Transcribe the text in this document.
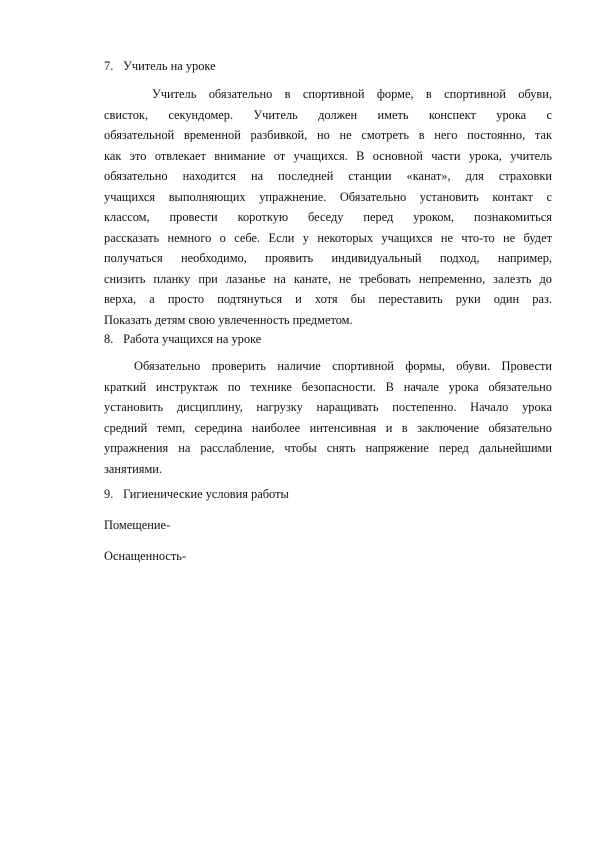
7. Учитель на уроке
Учитель обязательно в спортивной форме, в спортивной обуви,
свисток, секундомер. Учитель должен иметь конспект урока с
обязательной временной разбивкой, но не смотреть в него постоянно, так
как это отвлекает внимание от учащихся. В основной части урока, учитель
обязательно находится на последней станции «канат», для страховки
учащихся выполняющих упражнение. Обязательно установить контакт с
классом, провести короткую беседу перед уроком, познакомиться
рассказать немного о себе. Если у некоторых учащихся не что-то не будет
получаться необходимо, проявить индивидуальный подход, например,
снизить планку при лазанье на канате, не требовать непременно, залезть до
верха, а просто подтянуться и хотя бы переставить руки один раз.
Показать детям свою увлеченность предметом.
8. Работа учащихся на уроке
Обязательно проверить наличие спортивной формы, обуви. Провести
краткий инструктаж по технике безопасности. В начале урока обязательно
установить дисциплину, нагрузку наращивать постепенно. Начало урока
средний темп, середина наиболее интенсивная и в заключение обязательно
упражнения на расслабление, чтобы снять напряжение перед дальнейшими
занятиями.
9. Гигиенические условия работы
Помещение-
Оснащенность-
